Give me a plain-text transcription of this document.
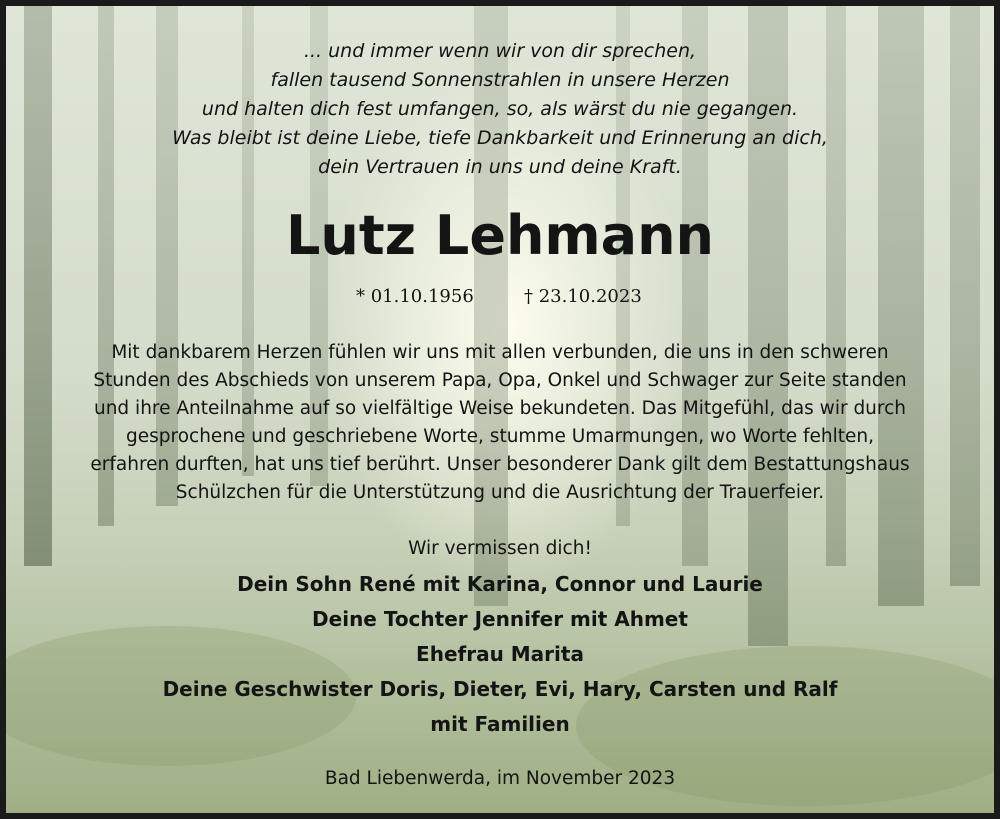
... und immer wenn wir von dir sprechen,
fallen tausend Sonnenstrahlen in unsere Herzen
und halten dich fest umfangen, so, als wärst du nie gegangen.
Was bleibt ist deine Liebe, tiefe Dankbarkeit und Erinnerung an dich,
dein Vertrauen in uns und deine Kraft.
Lutz Lehmann
* 01.10.1956	† 23.10.2023
Mit dankbarem Herzen fühlen wir uns mit allen verbunden, die uns in den schweren
Stunden des Abschieds von unserem Papa, Opa, Onkel und Schwager zur Seite standen
und ihre Anteilnahme auf so vielfältige Weise bekundeten. Das Mitgefühl, das wir durch
gesprochene und geschriebene Worte, stumme Umarmungen, wo Worte fehlten,
erfahren durften, hat uns tief berührt. Unser besonderer Dank gilt dem Bestattungshaus
Schülzchen für die Unterstützung und die Ausrichtung der Trauerfeier.
Wir vermissen dich!
Dein Sohn René mit Karina, Connor und Laurie
Deine Tochter Jennifer mit Ahmet
Ehefrau Marita
Deine Geschwister Doris, Dieter, Evi, Hary, Carsten und Ralf
mit Familien
Bad Liebenwerda, im November 2023
